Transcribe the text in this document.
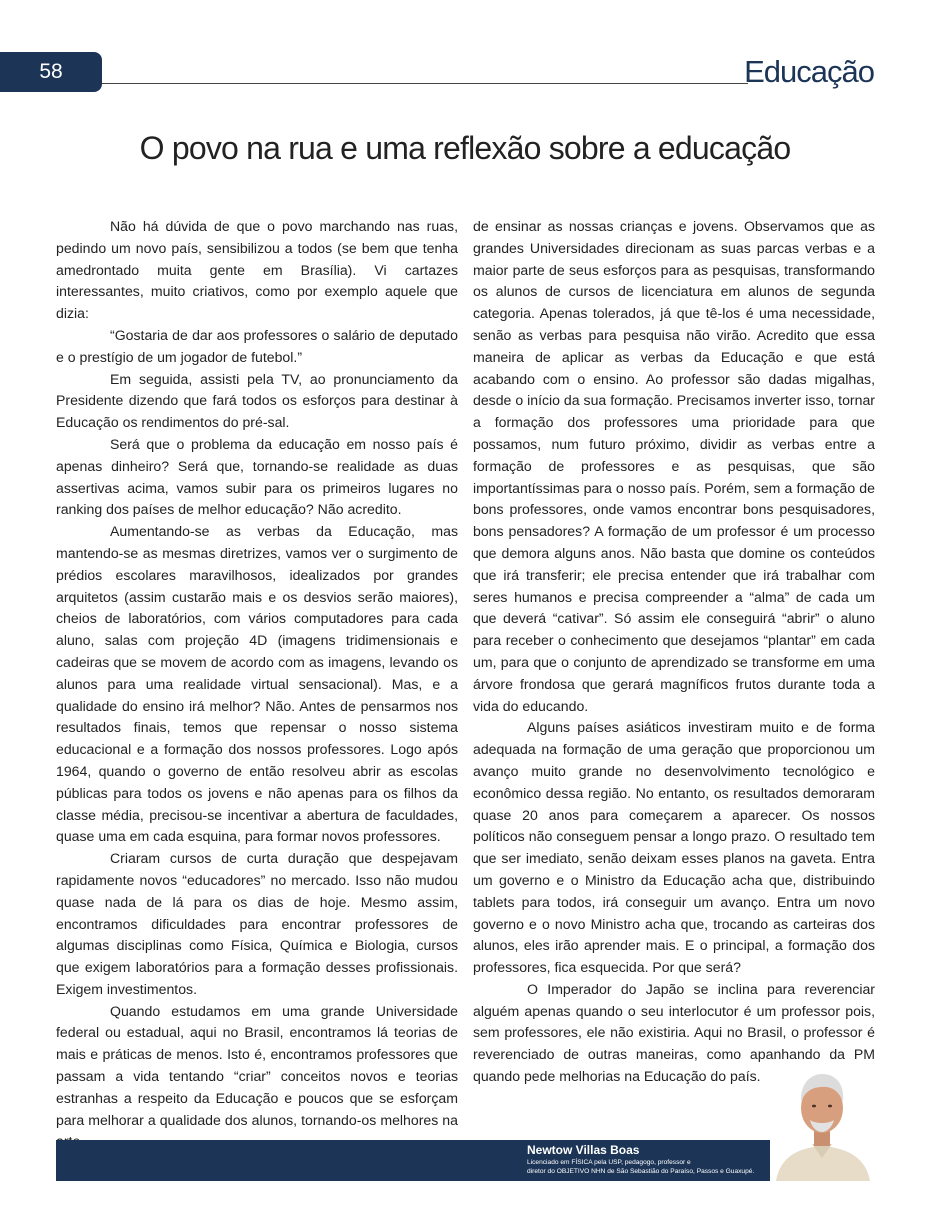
58	Educação
O povo na rua e uma reflexão sobre a educação

Não há dúvida de que o povo marchando nas ruas, pedindo um novo país, sensibilizou a todos (se bem que tenha amedrontado muita gente em Brasília). Vi cartazes interessantes, muito criativos, como por exemplo aquele que dizia:

“Gostaria de dar aos professores o salário de deputado e o prestígio de um jogador de futebol.”

Em seguida, assisti pela TV, ao pronunciamento da Presidente dizendo que fará todos os esforços para destinar à Educação os rendimentos do pré-sal.

Será que o problema da educação em nosso país é apenas dinheiro? Será que, tornando-se realidade as duas assertivas acima, vamos subir para os primeiros lugares no ranking dos países de melhor educação? Não acredito.

Aumentando-se as verbas da Educação, mas mantendo-se as mesmas diretrizes, vamos ver o surgimento de prédios escolares maravilhosos, idealizados por grandes arquitetos (assim custarão mais e os desvios serão maiores), cheios de laboratórios, com vários computadores para cada aluno, salas com projeção 4D (imagens tridimensionais e cadeiras que se movem de acordo com as imagens, levando os alunos para uma realidade virtual sensacional). Mas, e a qualidade do ensino irá melhor? Não. Antes de pensarmos nos resultados finais, temos que repensar o nosso sistema educacional e a formação dos nossos professores. Logo após 1964, quando o governo de então resolveu abrir as escolas públicas para todos os jovens e não apenas para os filhos da classe média, precisou-se incentivar a abertura de faculdades, quase uma em cada esquina, para formar novos professores.

Criaram cursos de curta duração que despejavam rapidamente novos “educadores” no mercado. Isso não mudou quase nada de lá para os dias de hoje. Mesmo assim, encontramos dificuldades para encontrar professores de algumas disciplinas como Física, Química e Biologia, cursos que exigem laboratórios para a formação desses profissionais. Exigem investimentos.

Quando estudamos em uma grande Universidade federal ou estadual, aqui no Brasil, encontramos lá teorias de mais e práticas de menos. Isto é, encontramos professores que passam a vida tentando “criar” conceitos novos e teorias estranhas a respeito da Educação e poucos que se esforçam para melhorar a qualidade dos alunos, tornando-os melhores na

de ensinar as nossas crianças e jovens. Observamos que as grandes Universidades direcionam as suas parcas verbas e a maior parte de seus esforços para as pesquisas, transformando os alunos de cursos de licenciatura em alunos de segunda categoria. Apenas tolerados, já que tê-los é uma necessidade, senão as verbas para pesquisa não virão. Acredito que essa maneira de aplicar as verbas da Educação e que está acabando com o ensino. Ao professor são dadas migalhas, desde o início da sua formação. Precisamos inverter isso, tornar a formação dos professores uma prioridade para que possamos, num futuro próximo, dividir as verbas entre a formação de professores e as pesquisas, que são importantíssimas para o nosso país. Porém, sem a formação de bons professores, onde vamos encontrar bons pesquisadores, bons pensadores? A formação de um professor é um processo que demora alguns anos. Não basta que domine os conteúdos que irá transferir; ele precisa entender que irá trabalhar com seres humanos e precisa compreender a “alma” de cada um que deverá “cativar”. Só assim ele conseguirá “abrir” o aluno para receber o conhecimento que desejamos “plantar” em cada um, para que o conjunto de aprendizado se transforme em uma árvore frondosa que gerará magníficos frutos durante toda a vida do educando.

Alguns países asiáticos investiram muito e de forma adequada na formação de uma geração que proporcionou um avanço muito grande no desenvolvimento tecnológico e econômico dessa região. No entanto, os resultados demoraram quase 20 anos para começarem a aparecer. Os nossos políticos não conseguem pensar a longo prazo. O resultado tem que ser imediato, senão deixam esses planos na gaveta. Entra um governo e o Ministro da Educação acha que, distribuindo tablets para todos, irá conseguir um avanço. Entra um novo governo e o novo Ministro acha que, trocando as carteiras dos alunos, eles irão aprender mais. E o principal, a formação dos professores, fica esquecida. Por que será?

O Imperador do Japão se inclina para reverenciar alguém apenas quando o seu interlocutor é um professor pois, sem professores, ele não existiria. Aqui no Brasil, o professor é reverenciado de outras maneiras, como apanhando da PM quando pede melhorias na Educação do país.

Newtow Villas Boas
Licenciado em FÍSICA pela USP, pedagogo, professor e
diretor do OBJETIVO NHN de São Sebastião do Paraíso, Passos e Guaxupé.
